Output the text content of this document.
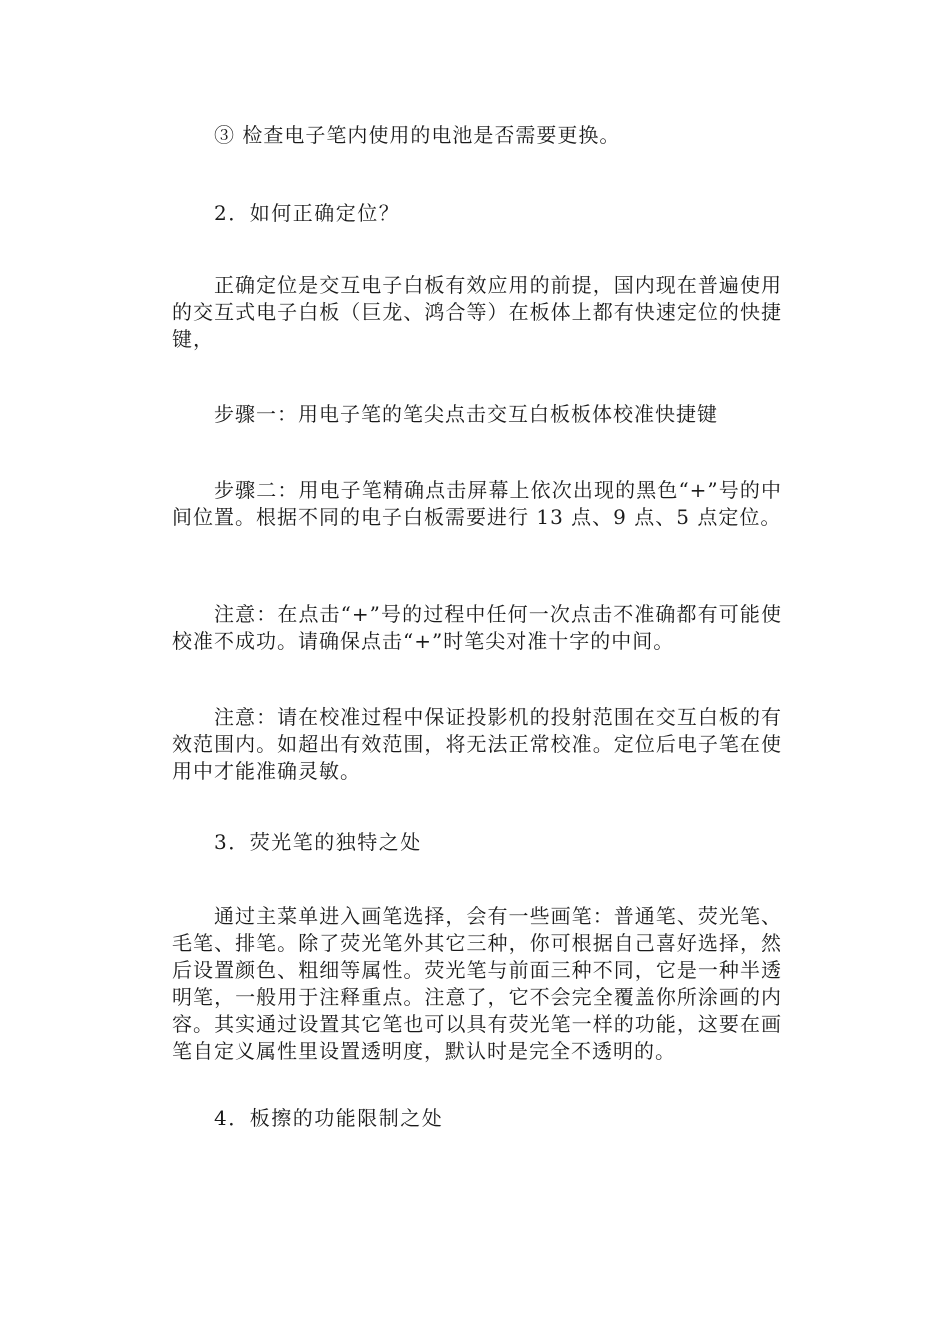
③ 检查电子笔内使用的电池是否需要更换。

2．如何正确定位？

正确定位是交互电子白板有效应用的前提，国内现在普遍使用的交互式电子白板（巨龙、鸿合等）在板体上都有快速定位的快捷键，

步骤一：用电子笔的笔尖点击交互白板板体校准快捷键

步骤二：用电子笔精确点击屏幕上依次出现的黑色“+”号的中间位置。根据不同的电子白板需要进行 13 点、9 点、5 点定位。

注意：在点击“+”号的过程中任何一次点击不准确都有可能使校准不成功。请确保点击“+”时笔尖对准十字的中间。

注意：请在校准过程中保证投影机的投射范围在交互白板的有效范围内。如超出有效范围，将无法正常校准。定位后电子笔在使用中才能准确灵敏。

3．荧光笔的独特之处

通过主菜单进入画笔选择，会有一些画笔：普通笔、荧光笔、毛笔、排笔。除了荧光笔外其它三种，你可根据自己喜好选择，然后设置颜色、粗细等属性。荧光笔与前面三种不同，它是一种半透明笔，一般用于注释重点。注意了，它不会完全覆盖你所涂画的内容。其实通过设置其它笔也可以具有荧光笔一样的功能，这要在画笔自定义属性里设置透明度，默认时是完全不透明的。

4．板擦的功能限制之处
